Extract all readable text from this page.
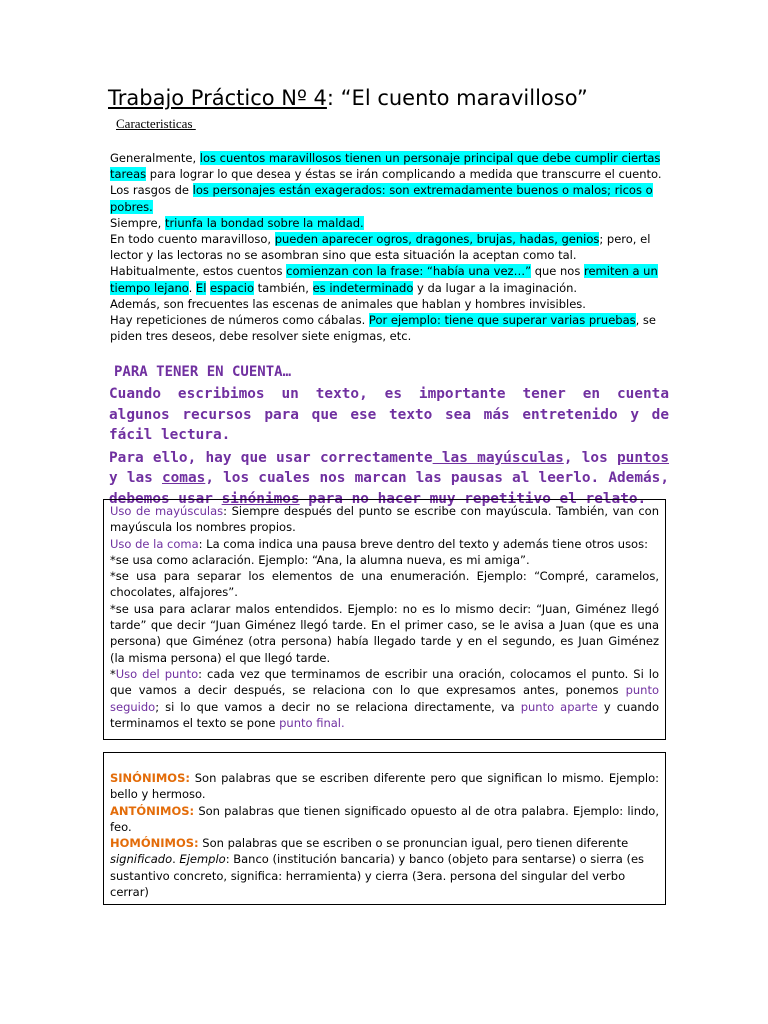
Trabajo Práctico Nº 4: “El cuento maravilloso”
Caracteristicas
Generalmente, los cuentos maravillosos tienen un personaje principal que debe cumplir ciertas tareas para lograr lo que desea y éstas se irán complicando a medida que transcurre el cuento.
Los rasgos de los personajes están exagerados: son extremadamente buenos o malos; ricos o pobres.
Siempre, triunfa la bondad sobre la maldad.
En todo cuento maravilloso, pueden aparecer ogros, dragones, brujas, hadas, genios; pero, el lector y las lectoras no se asombran sino que esta situación la aceptan como tal.
Habitualmente, estos cuentos comienzan con la frase: “había una vez…” que nos remiten a un tiempo lejano. El espacio también, es indeterminado y da lugar a la imaginación.
Además, son frecuentes las escenas de animales que hablan y hombres invisibles.
Hay repeticiones de números como cábalas. Por ejemplo: tiene que superar varias pruebas, se piden tres deseos, debe resolver siete enigmas, etc.
PARA TENER EN CUENTA…
Cuando escribimos un texto, es importante tener en cuenta algunos recursos para que ese texto sea más entretenido y de fácil lectura.
Para ello, hay que usar correctamente las mayúsculas, los puntos y las comas, los cuales nos marcan las pausas al leerlo. Además, debemos usar sinónimos para no hacer muy repetitivo el relato.
Uso de mayúsculas: Siempre después del punto se escribe con mayúscula. También, van con mayúscula los nombres propios.
Uso de la coma: La coma indica una pausa breve dentro del texto y además tiene otros usos:
*se usa como aclaración. Ejemplo: “Ana, la alumna nueva, es mi amiga”.
*se usa para separar los elementos de una enumeración. Ejemplo: “Compré, caramelos, chocolates, alfajores”.
*se usa para aclarar malos entendidos. Ejemplo: no es lo mismo decir: “Juan, Giménez llegó tarde” que decir “Juan Giménez llegó tarde. En el primer caso, se le avisa a Juan (que es una persona) que Giménez (otra persona) había llegado tarde y en el segundo, es Juan Giménez (la misma persona) el que llegó tarde.
*Uso del punto: cada vez que terminamos de escribir una oración, colocamos el punto. Si lo que vamos a decir después, se relaciona con lo que expresamos antes, ponemos punto seguido; si lo que vamos a decir no se relaciona directamente, va punto aparte y cuando terminamos el texto se pone punto final.
SINÓNIMOS: Son palabras que se escriben diferente pero que significan lo mismo. Ejemplo: bello y hermoso.
ANTÓNIMOS: Son palabras que tienen significado opuesto al de otra palabra. Ejemplo: lindo, feo.
HOMÓNIMOS: Son palabras que se escriben o se pronuncian igual, pero tienen diferente significado. Ejemplo: Banco (institución bancaria) y banco (objeto para sentarse) o sierra (es sustantivo concreto, significa: herramienta) y cierra (3era. persona del singular del verbo cerrar)
